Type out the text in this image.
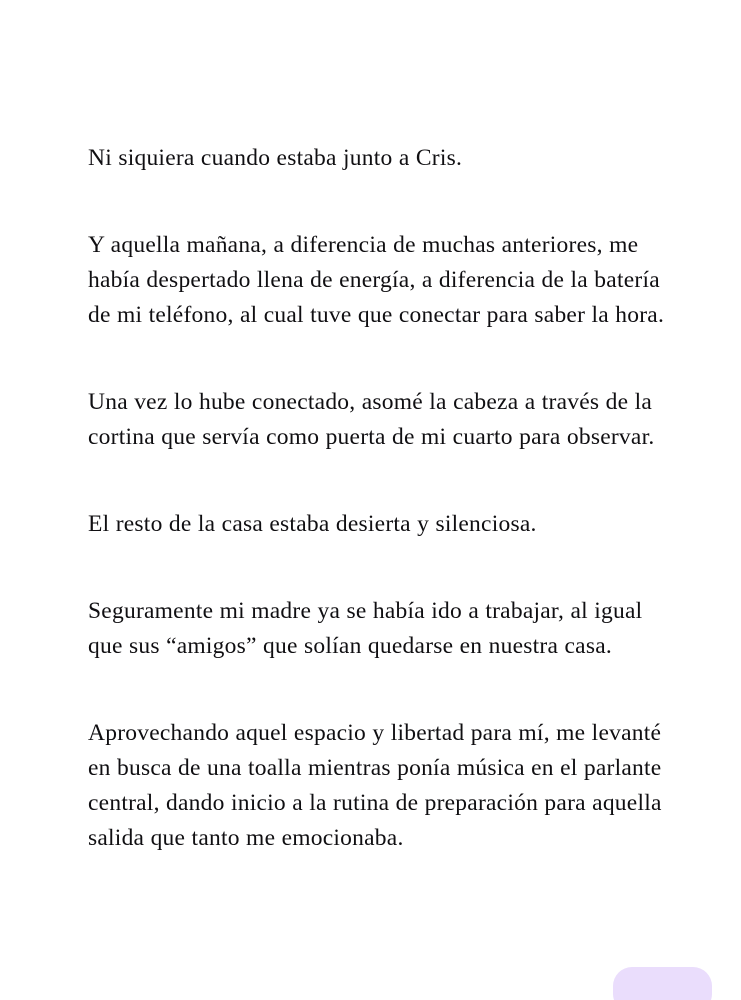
Ni siquiera cuando estaba junto a Cris.

Y aquella mañana, a diferencia de muchas anteriores, me había despertado llena de energía, a diferencia de la batería de mi teléfono, al cual tuve que conectar para saber la hora.

Una vez lo hube conectado, asomé la cabeza a través de la cortina que servía como puerta de mi cuarto para observar.

El resto de la casa estaba desierta y silenciosa.

Seguramente mi madre ya se había ido a trabajar, al igual que sus “amigos” que solían quedarse en nuestra casa.

Aprovechando aquel espacio y libertad para mí, me levanté en busca de una toalla mientras ponía música en el parlante central, dando inicio a la rutina de preparación para aquella salida que tanto me emocionaba.
